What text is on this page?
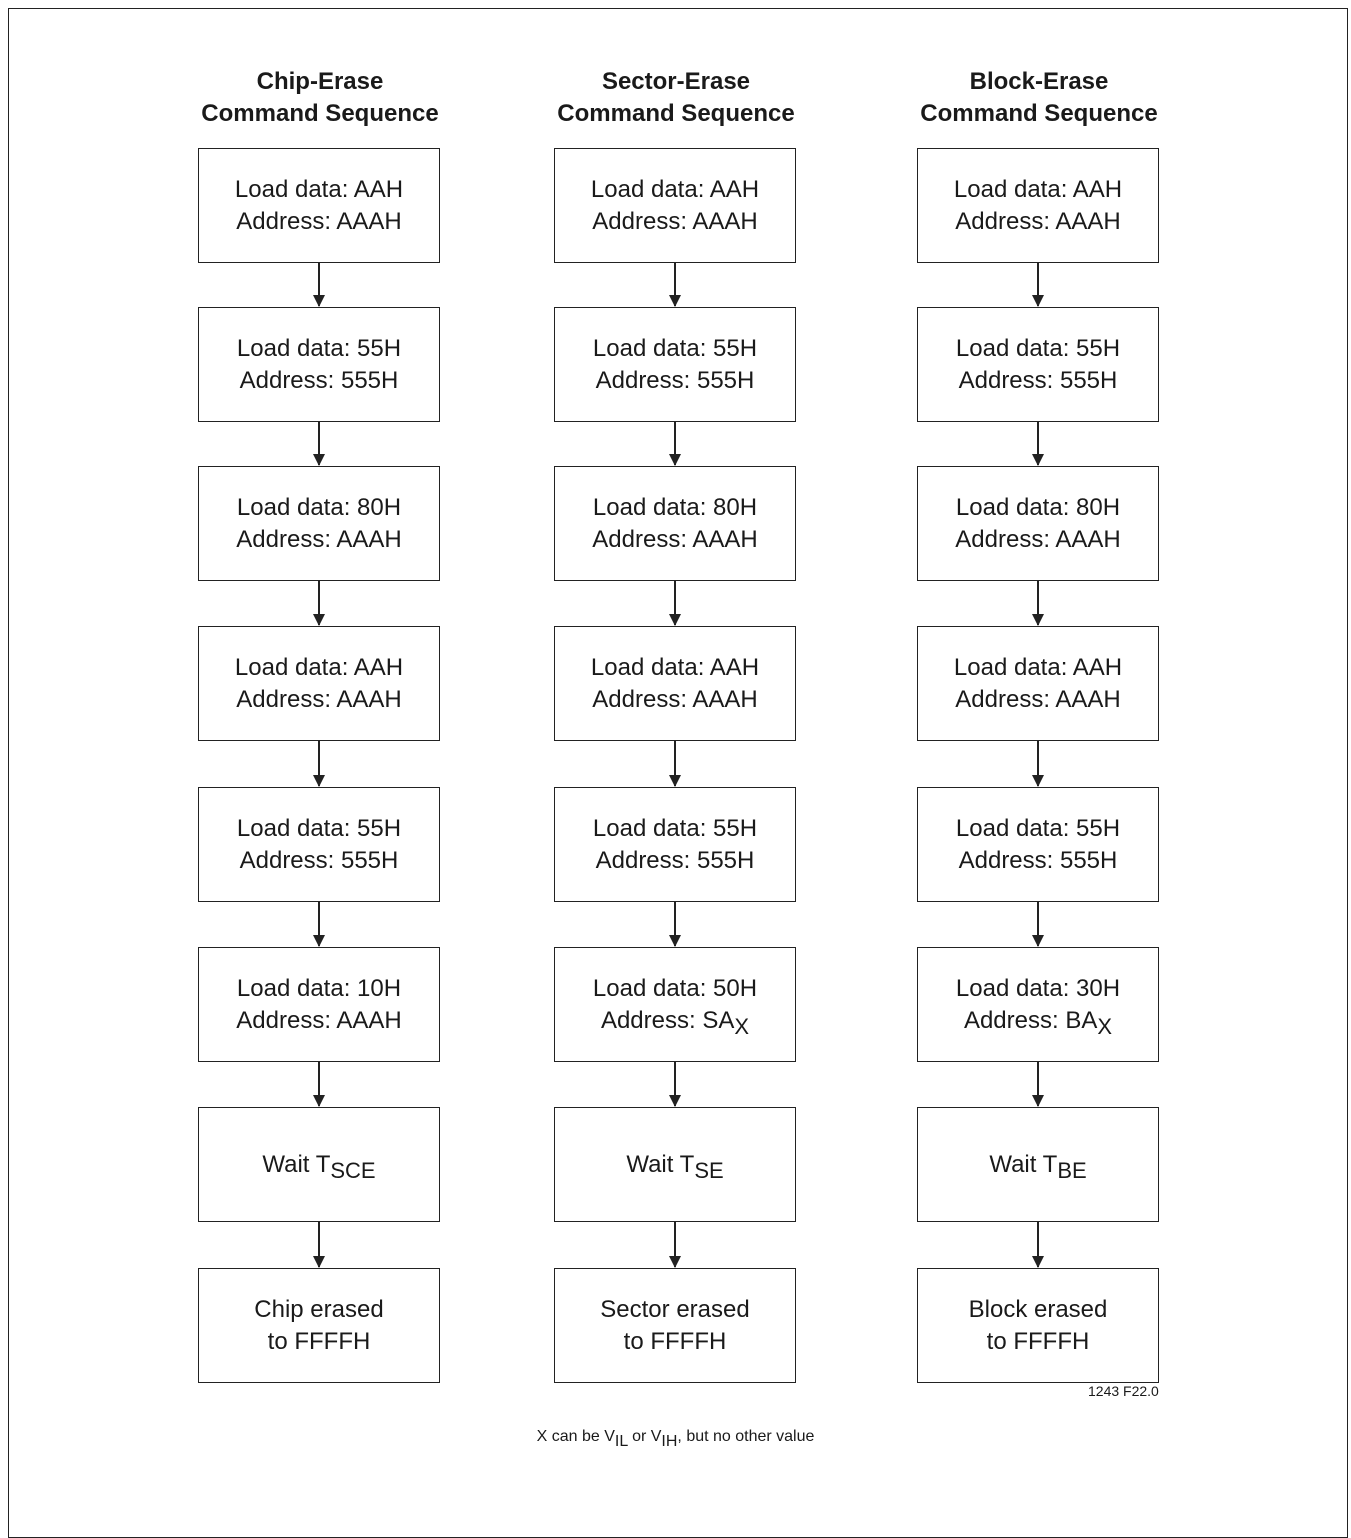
Chip-Erase
Command Sequence
Load data: AAH
Address: AAAH
Load data: 55H
Address: 555H
Load data: 80H
Address: AAAH
Load data: AAH
Address: AAAH
Load data: 55H
Address: 555H
Load data: 10H
Address: AAAH
Wait TSCE
Chip erased
to FFFFH
Sector-Erase
Command Sequence
Load data: AAH
Address: AAAH
Load data: 55H
Address: 555H
Load data: 80H
Address: AAAH
Load data: AAH
Address: AAAH
Load data: 55H
Address: 555H
Load data: 50H
Address: SAX
Wait TSE
Sector erased
to FFFFH
Block-Erase
Command Sequence
Load data: AAH
Address: AAAH
Load data: 55H
Address: 555H
Load data: 80H
Address: AAAH
Load data: AAH
Address: AAAH
Load data: 55H
Address: 555H
Load data: 30H
Address: BAX
Wait TBE
Block erased
to FFFFH
1243 F22.0
X can be VIL or VIH, but no other value
